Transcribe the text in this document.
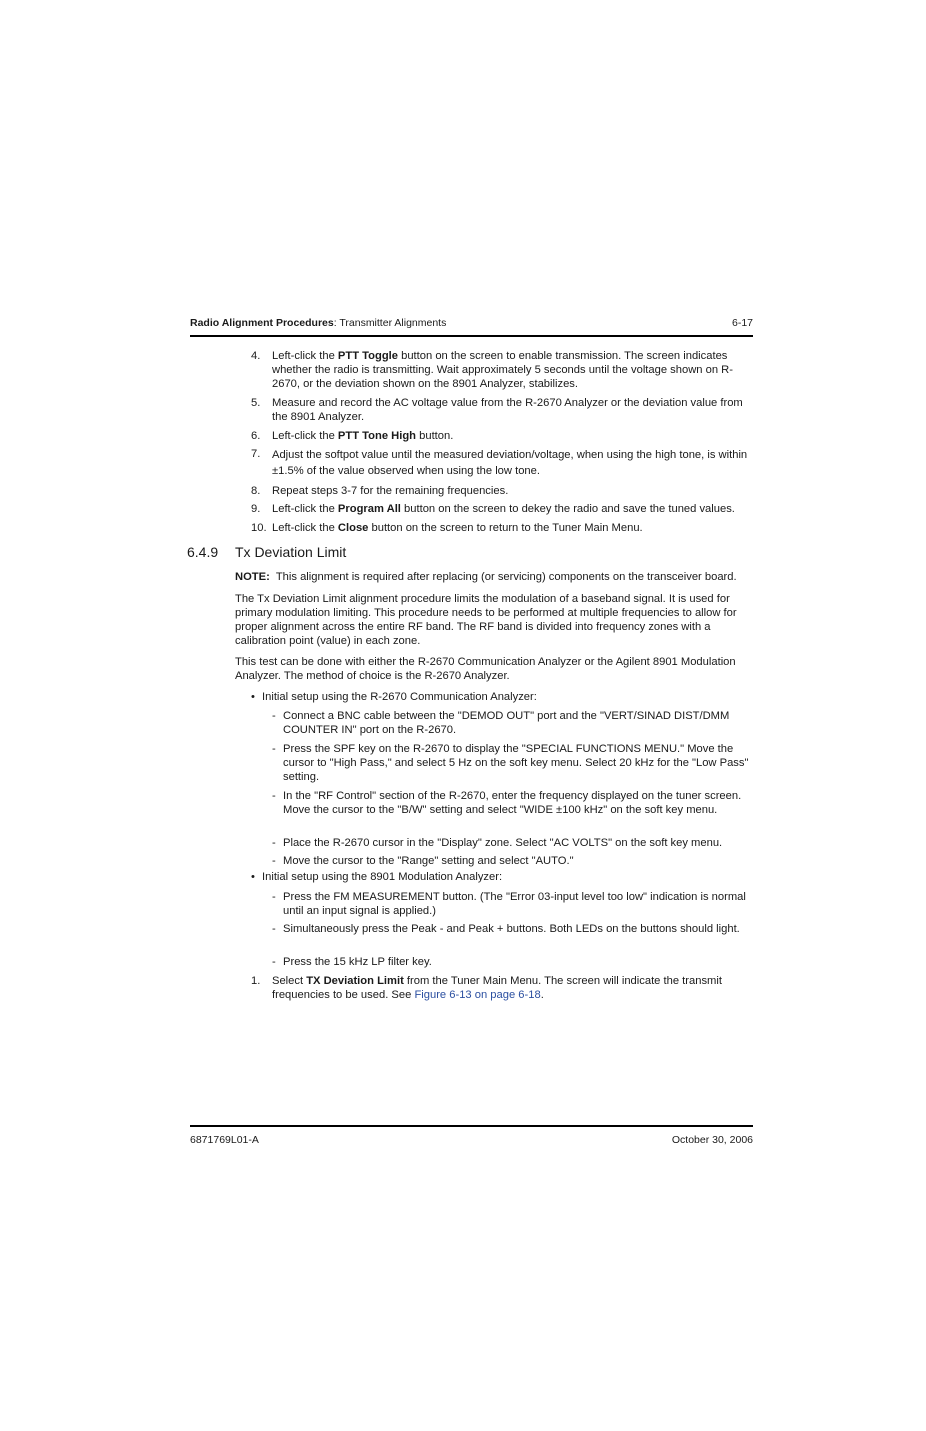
Radio Alignment Procedures: Transmitter Alignments	6-17
4.	Left-click the PTT Toggle button on the screen to enable transmission. The screen indicates whether the radio is transmitting. Wait approximately 5 seconds until the voltage shown on R-2670, or the deviation shown on the 8901 Analyzer, stabilizes.
5.	Measure and record the AC voltage value from the R-2670 Analyzer or the deviation value from the 8901 Analyzer.
6.	Left-click the PTT Tone High button.
7.	Adjust the softpot value until the measured deviation/voltage, when using the high tone, is within ±1.5% of the value observed when using the low tone.
8.	Repeat steps 3-7 for the remaining frequencies.
9.	Left-click the Program All button on the screen to dekey the radio and save the tuned values.
10. Left-click the Close button on the screen to return to the Tuner Main Menu.
6.4.9 Tx Deviation Limit
NOTE: This alignment is required after replacing (or servicing) components on the transceiver board.
The Tx Deviation Limit alignment procedure limits the modulation of a baseband signal. It is used for primary modulation limiting. This procedure needs to be performed at multiple frequencies to allow for proper alignment across the entire RF band. The RF band is divided into frequency zones with a calibration point (value) in each zone.
This test can be done with either the R-2670 Communication Analyzer or the Agilent 8901 Modulation Analyzer. The method of choice is the R-2670 Analyzer.
• Initial setup using the R-2670 Communication Analyzer:
- Connect a BNC cable between the "DEMOD OUT" port and the "VERT/SINAD DIST/DMM COUNTER IN" port on the R-2670.
- Press the SPF key on the R-2670 to display the "SPECIAL FUNCTIONS MENU." Move the cursor to "High Pass," and select 5 Hz on the soft key menu. Select 20 kHz for the "Low Pass" setting.
- In the "RF Control" section of the R-2670, enter the frequency displayed on the tuner screen. Move the cursor to the "B/W" setting and select "WIDE ±100 kHz" on the soft key menu.
- Place the R-2670 cursor in the "Display" zone. Select "AC VOLTS" on the soft key menu.
- Move the cursor to the "Range" setting and select "AUTO."
• Initial setup using the 8901 Modulation Analyzer:
- Press the FM MEASUREMENT button. (The "Error 03-input level too low" indication is normal until an input signal is applied.)
- Simultaneously press the Peak - and Peak + buttons. Both LEDs on the buttons should light.
- Press the 15 kHz LP filter key.
1.	Select TX Deviation Limit from the Tuner Main Menu. The screen will indicate the transmit frequencies to be used. See Figure 6-13 on page 6-18.
6871769L01-A	October 30, 2006
